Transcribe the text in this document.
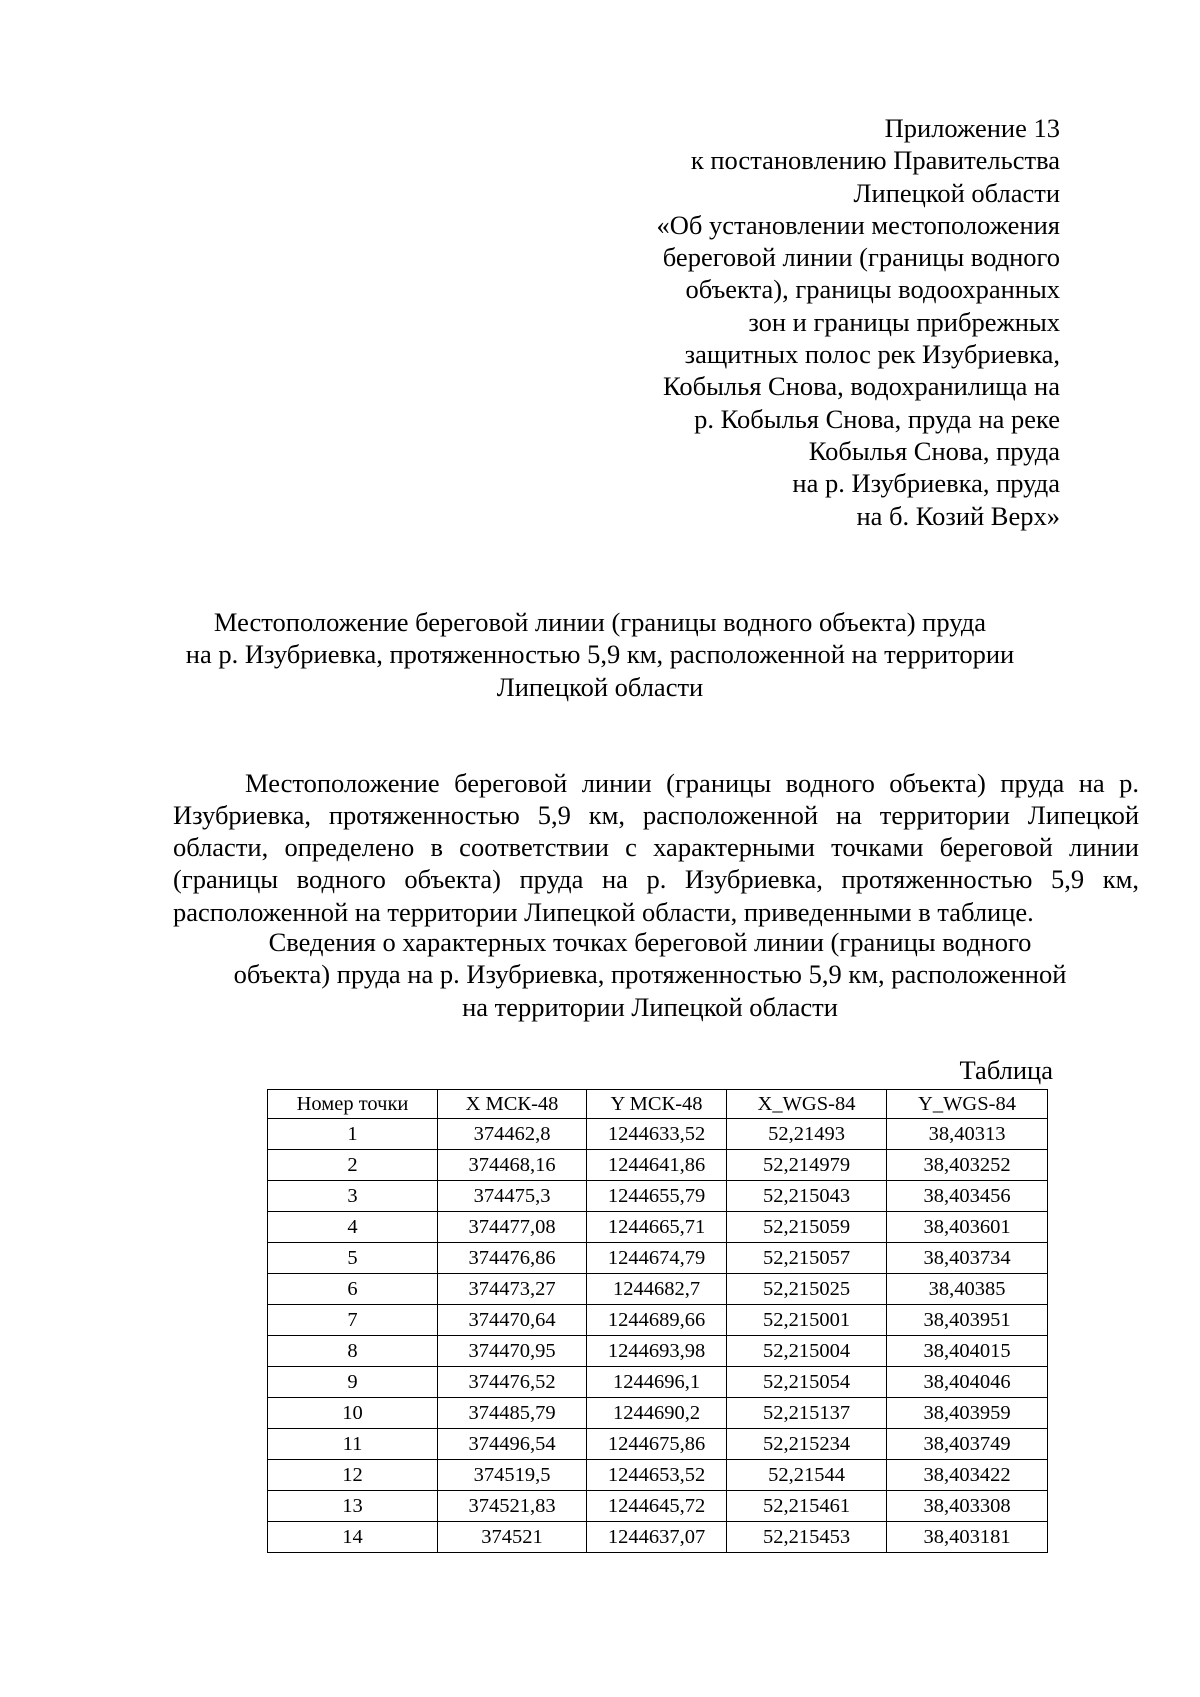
Приложение 13
к постановлению Правительства
Липецкой области
«Об установлении местоположения
береговой линии (границы водного
объекта), границы водоохранных
зон и границы прибрежных
защитных полос рек Изубриевка,
Кобылья Снова, водохранилища на
р. Кобылья Снова, пруда на реке
Кобылья Снова, пруда
на р. Изубриевка, пруда
на б. Козий Верх»
Местоположение береговой линии (границы водного объекта) пруда
на р. Изубриевка, протяженностью 5,9 км, расположенной на территории
Липецкой области

Местоположение береговой линии (границы водного объекта) пруда на р. Изубриевка, протяженностью 5,9 км, расположенной на территории Липецкой области, определено в соответствии с характерными точками береговой линии (границы водного объекта) пруда на р. Изубриевка, протяженностью 5,9 км, расположенной на территории Липецкой области, приведенными в таблице.

Сведения о характерных точках береговой линии (границы водного
объекта) пруда на р. Изубриевка, протяженностью 5,9 км, расположенной
на территории Липецкой области
Таблица
Номер точки	X МСК-48	Y МСК-48	X_WGS-84	Y_WGS-84
1	374462,8	1244633,52	52,21493	38,40313
2	374468,16	1244641,86	52,214979	38,403252
3	374475,3	1244655,79	52,215043	38,403456
4	374477,08	1244665,71	52,215059	38,403601
5	374476,86	1244674,79	52,215057	38,403734
6	374473,27	1244682,7	52,215025	38,40385
7	374470,64	1244689,66	52,215001	38,403951
8	374470,95	1244693,98	52,215004	38,404015
9	374476,52	1244696,1	52,215054	38,404046
10	374485,79	1244690,2	52,215137	38,403959
11	374496,54	1244675,86	52,215234	38,403749
12	374519,5	1244653,52	52,21544	38,403422
13	374521,83	1244645,72	52,215461	38,403308
14	374521	1244637,07	52,215453	38,403181
